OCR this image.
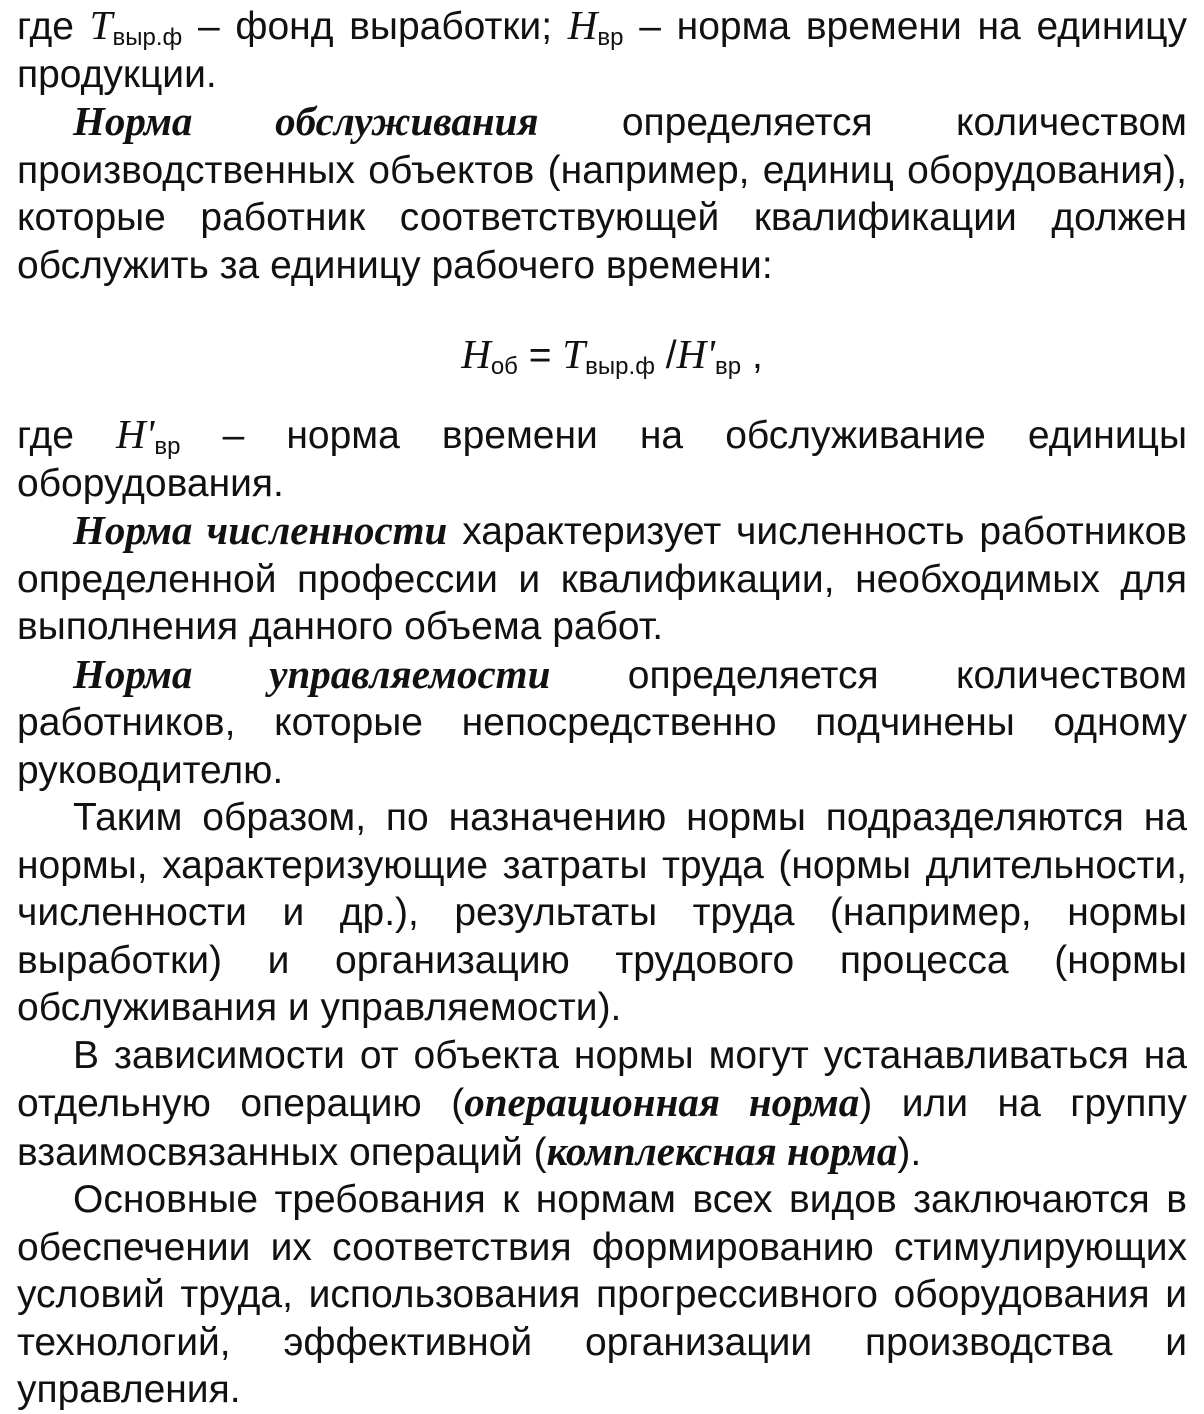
где $T_{выр.ф}$ – фонд выработки; $H_{вр}$ – норма времени на единицу продукции.

Норма обслуживания определяется количеством производственных объектов (например, единиц оборудования), которые работник соответствующей квалификации должен обслужить за единицу рабочего времени:

$H_{об} = T_{выр.ф}$ $/H'_{вр}$ ,

где $H'_{вр}$ – норма времени на обслуживание единицы оборудования.

Норма численности характеризует численность работников определенной профессии и квалификации, необходимых для выполнения данного объема работ.

Норма управляемости определяется количеством работников, которые непосредственно подчинены одному руководителю.

Таким образом, по назначению нормы подразделяются на нормы, характеризующие затраты труда (нормы длительности, численности и др.), результаты труда (например, нормы выработки) и организацию трудового процесса (нормы обслуживания и управляемости).

В зависимости от объекта нормы могут устанавливаться на отдельную операцию (операционная норма) или на группу взаимосвязанных операций (комплексная норма).

Основные требования к нормам всех видов заключаются в обеспечении их соответствия формированию стимулирующих условий труда, использования прогрессивного оборудования и технологий, эффективной организации производства и управления.
